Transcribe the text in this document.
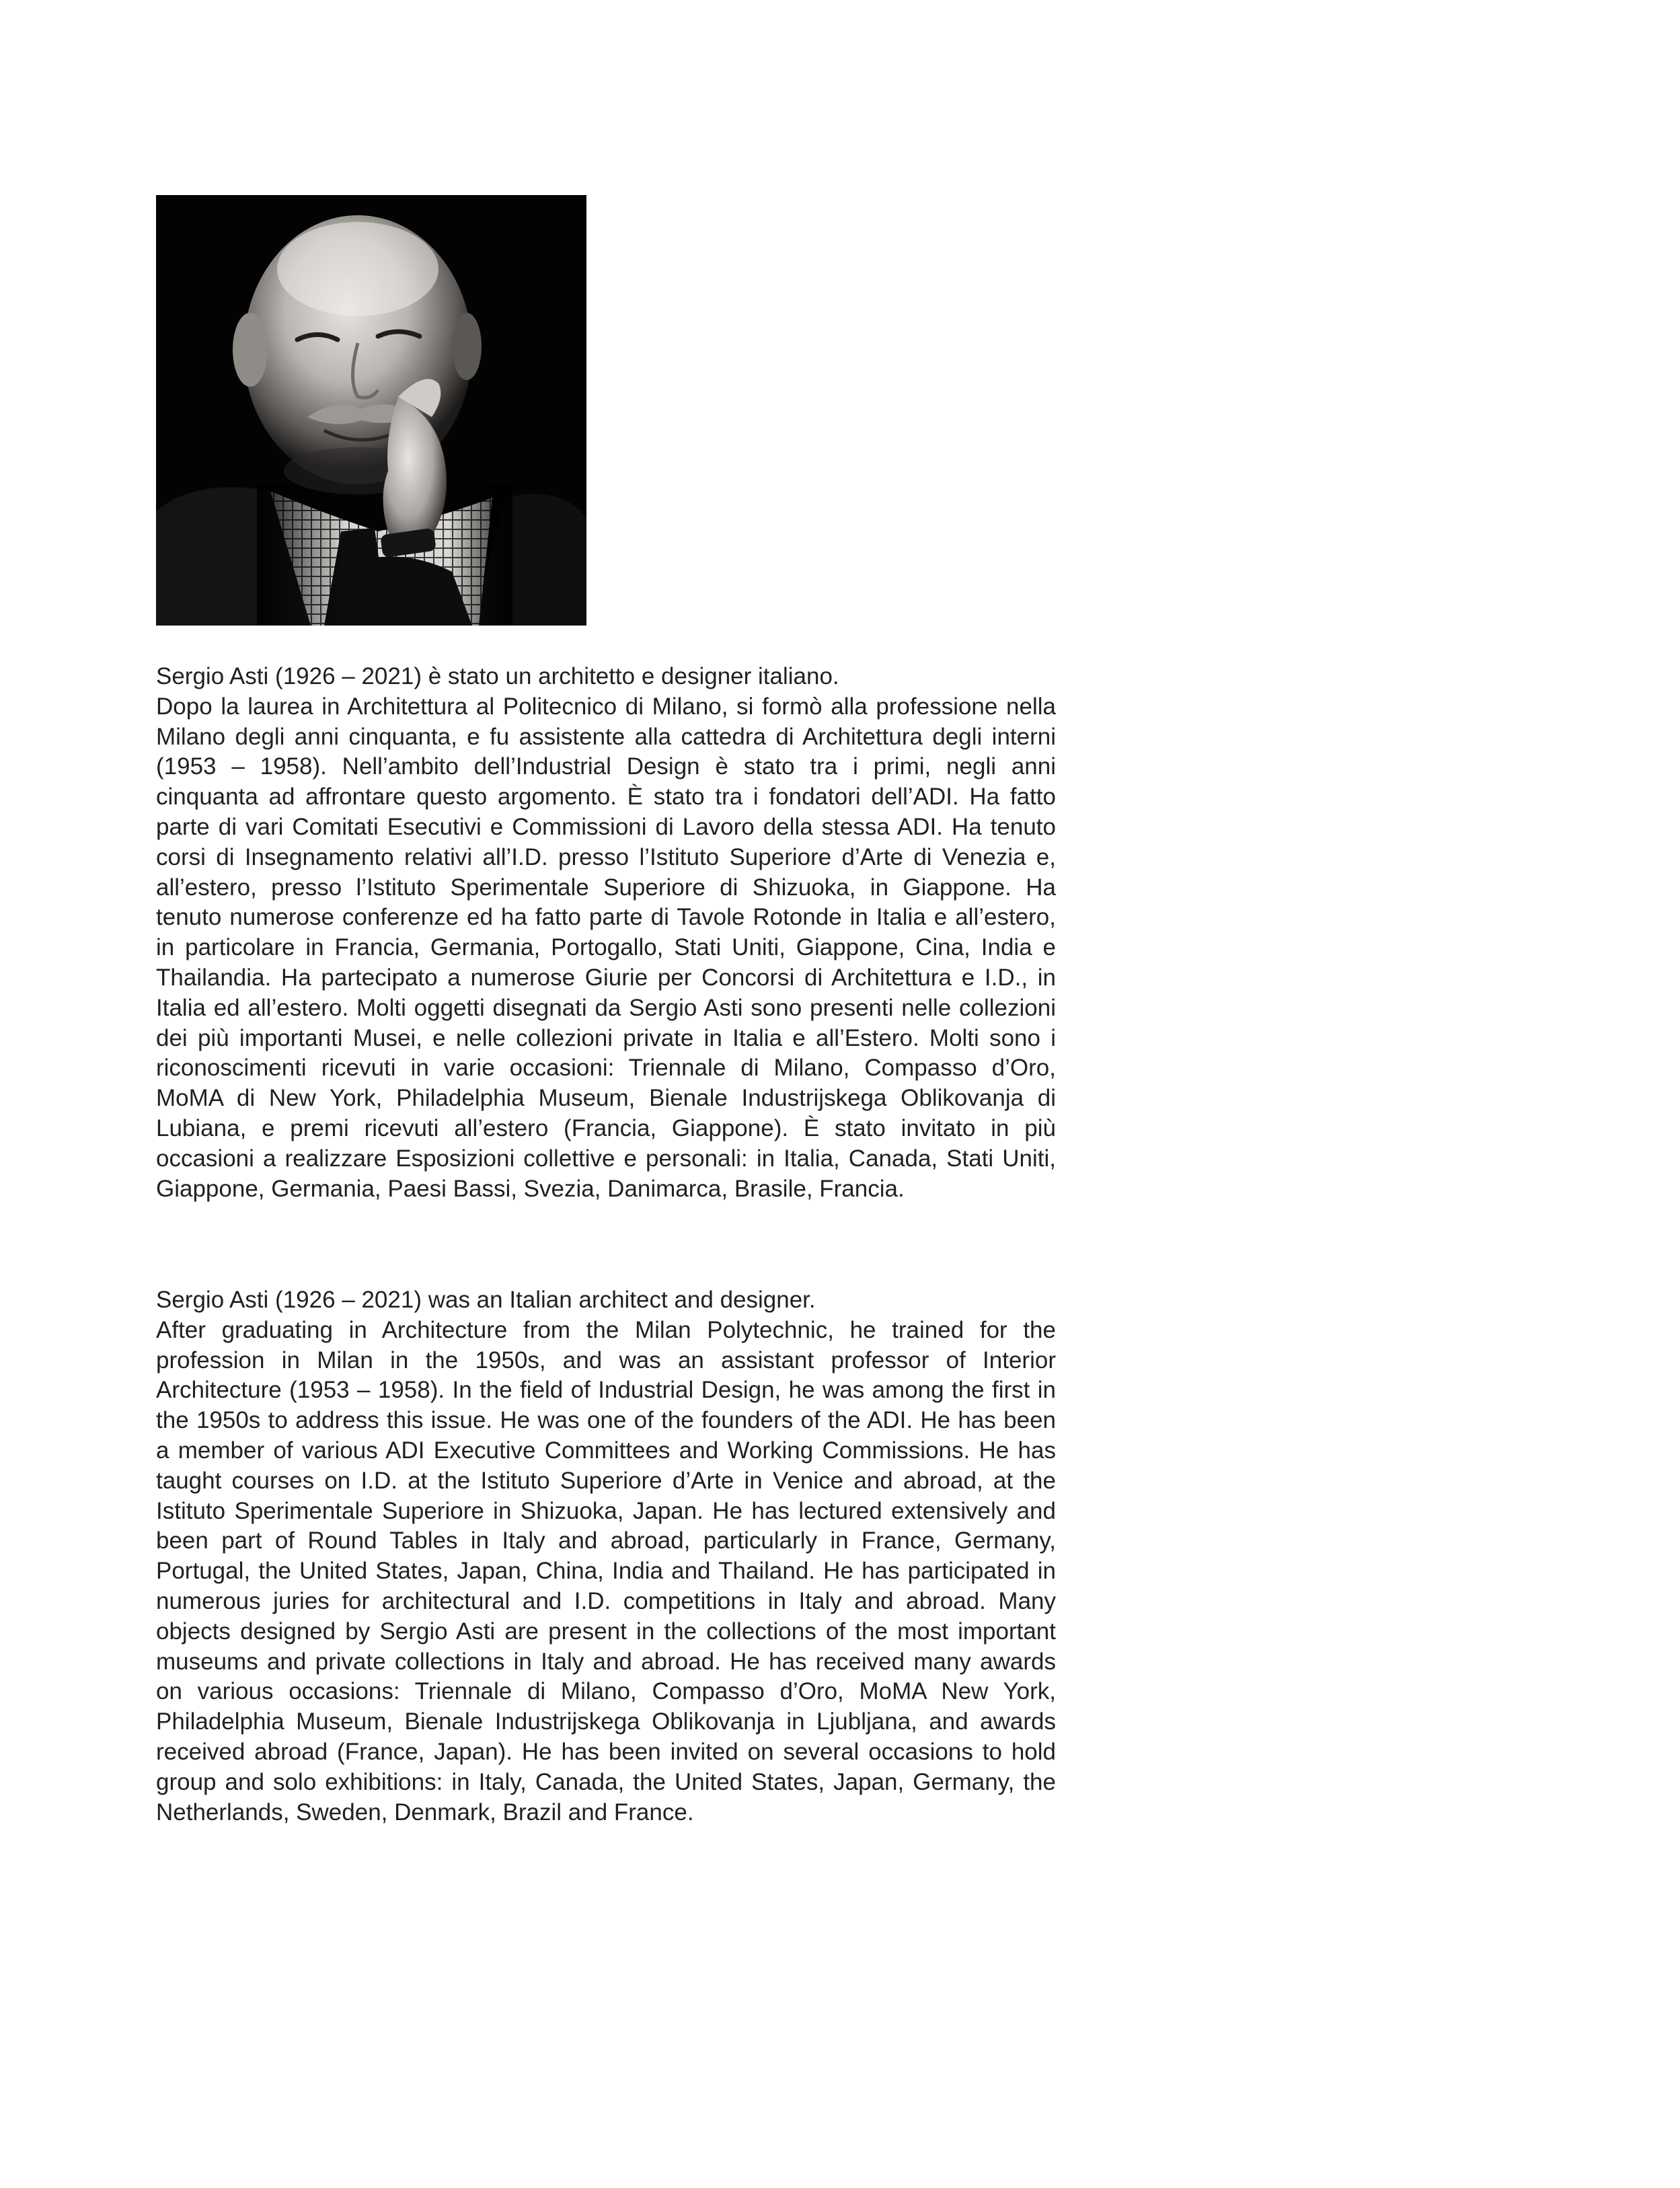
Sergio Asti (1926 – 2021) è stato un architetto e designer italiano.

Dopo la laurea in Architettura al Politecnico di Milano, si formò alla professione nella Milano degli anni cinquanta, e fu assistente alla cattedra di Architettura degli interni (1953 – 1958). Nell’ambito dell’Industrial Design è stato tra i primi, negli anni cinquanta ad affrontare questo argomento. È stato tra i fondatori dell’ADI. Ha fatto parte di vari Comitati Esecutivi e Commissioni di Lavoro della stessa ADI. Ha tenuto corsi di Insegnamento relativi all’I.D. presso l’Istituto Superiore d’Arte di Venezia e, all’estero, presso l’Istituto Sperimentale Superiore di Shizuoka, in Giappone. Ha tenuto numerose conferenze ed ha fatto parte di Tavole Rotonde in Italia e all’estero, in particolare in Francia, Germania, Portogallo, Stati Uniti, Giappone, Cina, India e Thailandia. Ha partecipato a numerose Giurie per Concorsi di Architettura e I.D., in Italia ed all’estero. Molti oggetti disegnati da Sergio Asti sono presenti nelle collezioni dei più importanti Musei, e nelle collezioni private in Italia e all’Estero. Molti sono i riconoscimenti ricevuti in varie occasioni: Triennale di Milano, Compasso d’Oro, MoMA di New York, Philadelphia Museum, Bienale Industrijskega Oblikovanja di Lubiana, e premi ricevuti all’estero (Francia, Giappone). È stato invitato in più occasioni a realizzare Esposizioni collettive e personali: in Italia, Canada, Stati Uniti, Giappone, Germania, Paesi Bassi, Svezia, Danimarca, Brasile, Francia.

Sergio Asti (1926 – 2021) was an Italian architect and designer.

After graduating in Architecture from the Milan Polytechnic, he trained for the profession in Milan in the 1950s, and was an assistant professor of Interior Architecture (1953 – 1958). In the field of Industrial Design, he was among the first in the 1950s to address this issue. He was one of the founders of the ADI. He has been a member of various ADI Executive Committees and Working Commissions. He has taught courses on I.D. at the Istituto Superiore d’Arte in Venice and abroad, at the Istituto Sperimentale Superiore in Shizuoka, Japan. He has lectured extensively and been part of Round Tables in Italy and abroad, particularly in France, Germany, Portugal, the United States, Japan, China, India and Thailand. He has participated in numerous juries for architectural and I.D. competitions in Italy and abroad. Many objects designed by Sergio Asti are present in the collections of the most important museums and private collections in Italy and abroad. He has received many awards on various occasions: Triennale di Milano, Compasso d’Oro, MoMA New York, Philadelphia Museum, Bienale Industrijskega Oblikovanja in Ljubljana, and awards received abroad (France, Japan). He has been invited on several occasions to hold group and solo exhibitions: in Italy, Canada, the United States, Japan, Germany, the Netherlands, Sweden, Denmark, Brazil and France.
